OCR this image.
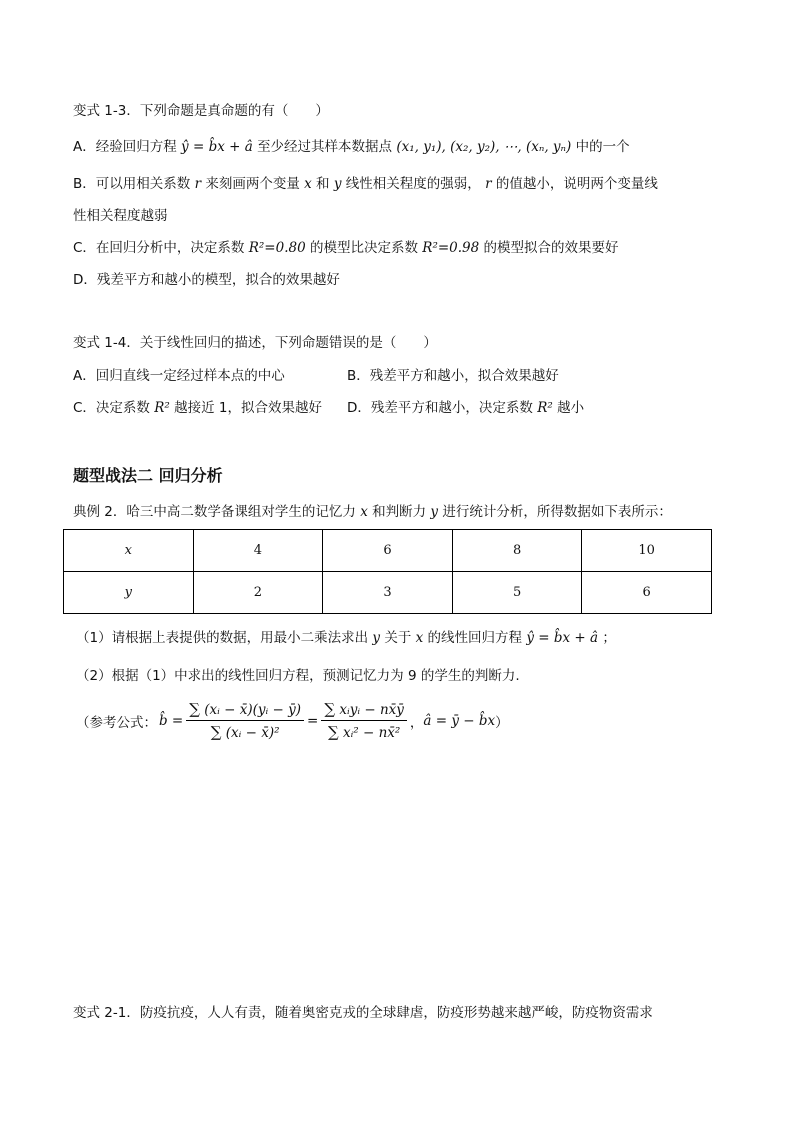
变式 1-3．下列命题是真命题的有（　　）
A．经验回归方程 ŷ = b̂x + â 至少经过其样本数据点 (x₁, y₁), (x₂, y₂), ⋯, (xₙ, yₙ) 中的一个
B．可以用相关系数 r 来刻画两个变量 x 和 y 线性相关程度的强弱， r 的值越小，说明两个变量线
性相关程度越弱
C．在回归分析中，决定系数 R²=0.80 的模型比决定系数 R²=0.98 的模型拟合的效果要好
D．残差平方和越小的模型，拟合的效果越好
变式 1-4．关于线性回归的描述，下列命题错误的是（　　）
A．回归直线一定经过样本点的中心	B．残差平方和越小，拟合效果越好
C．决定系数 R² 越接近 1，拟合效果越好 D．残差平方和越小，决定系数 R² 越小
题型战法二 回归分析
典例 2．哈三中高二数学备课组对学生的记忆力 x 和判断力 y 进行统计分析，所得数据如下表所示：
x	4	6	8	10
y	2	3	5	6
（1）请根据上表提供的数据，用最小二乘法求出 y 关于 x 的线性回归方程 ŷ = b̂x + â ；
（2）根据（1）中求出的线性回归方程，预测记忆力为 9 的学生的判断力.
（参考公式： b̂ = $\frac{\text{∑ (xᵢ − x̄)(yᵢ − ȳ)}}{\text{∑ (xᵢ − x̄)²}} = \frac{\text{∑ xᵢyᵢ − nx̄ȳ}}{\text{∑ xᵢ² − nx̄²}}$ ， â = ȳ − b̂x ）
变式 2-1．防疫抗疫，人人有责，随着奥密克戎的全球肆虐，防疫形势越来越严峻，防疫物资需求
